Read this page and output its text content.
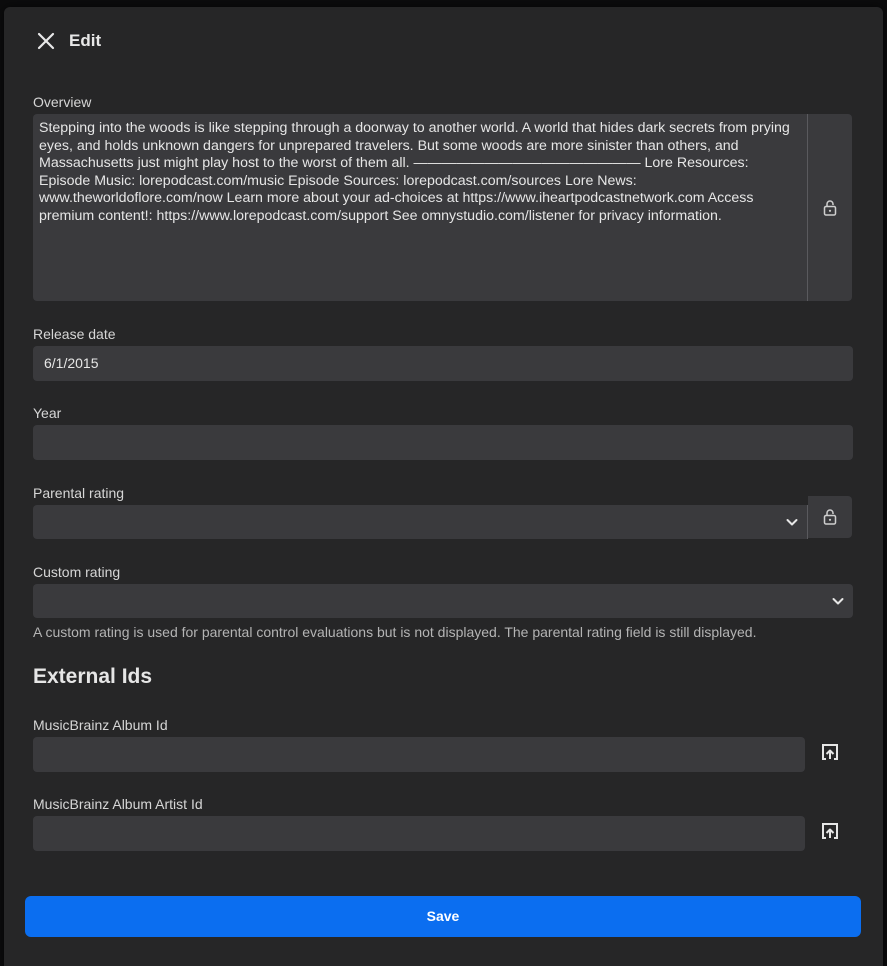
Edit
Overview
Stepping into the woods is like stepping through a doorway to another world. A world that hides dark secrets from prying eyes, and holds unknown dangers for unprepared travelers. But some woods are more sinister than others, and Massachusetts just might play host to the worst of them all. ———————————————— Lore Resources: Episode Music: lorepodcast.com/music Episode Sources: lorepodcast.com/sources Lore News: www.theworldoflore.com/now Learn more about your ad-choices at https://www.iheartpodcastnetwork.com Access premium content!: https://www.lorepodcast.com/support See omnystudio.com/listener for privacy information.
Release date
6/1/2015
Year
Parental rating
Custom rating
A custom rating is used for parental control evaluations but is not displayed. The parental rating field is still displayed.
External Ids
MusicBrainz Album Id
MusicBrainz Album Artist Id
Save
